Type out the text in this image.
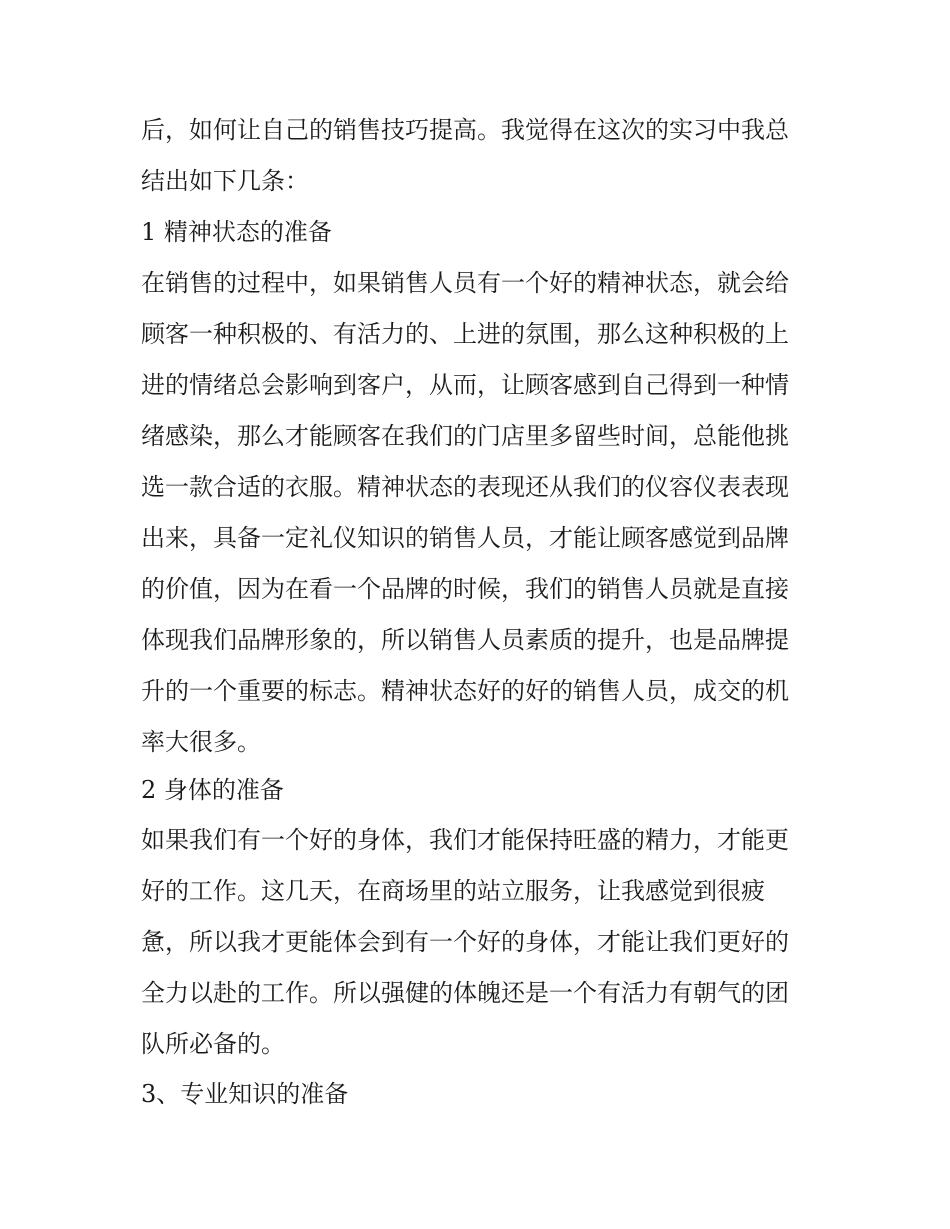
后，如何让自己的销售技巧提高。我觉得在这次的实习中我总
结出如下几条：
1 精神状态的准备
在销售的过程中，如果销售人员有一个好的精神状态，就会给
顾客一种积极的、有活力的、上进的氛围，那么这种积极的上
进的情绪总会影响到客户，从而，让顾客感到自己得到一种情
绪感染，那么才能顾客在我们的门店里多留些时间，总能他挑
选一款合适的衣服。精神状态的表现还从我们的仪容仪表表现
出来，具备一定礼仪知识的销售人员，才能让顾客感觉到品牌
的价值，因为在看一个品牌的时候，我们的销售人员就是直接
体现我们品牌形象的，所以销售人员素质的提升，也是品牌提
升的一个重要的标志。精神状态好的好的销售人员，成交的机
率大很多。
2 身体的准备
如果我们有一个好的身体，我们才能保持旺盛的精力，才能更
好的工作。这几天，在商场里的站立服务，让我感觉到很疲
惫，所以我才更能体会到有一个好的身体，才能让我们更好的
全力以赴的工作。所以强健的体魄还是一个有活力有朝气的团
队所必备的。
3、专业知识的准备
